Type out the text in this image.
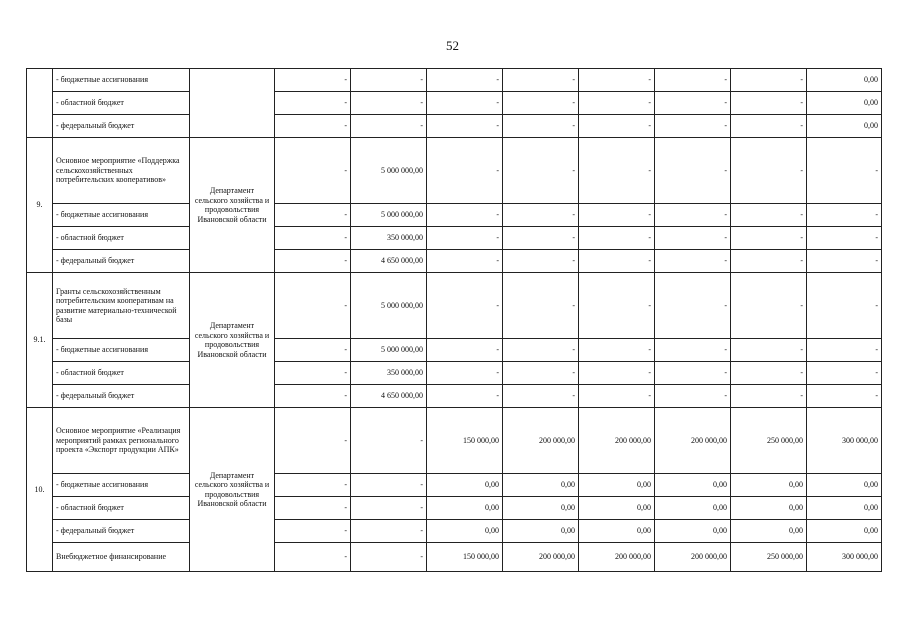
52
	- бюджетные ассигнования		-	-	-	-	-	-	-	0,00
	- областной бюджет		-	-	-	-	-	-	-	0,00
	- федеральный бюджет		-	-	-	-	-	-	-	0,00
9.	Основное мероприятие «Поддержка сельскохозяйственных потребительских кооперативов»	Департамент сельского хозяйства и продовольствия Ивановской области	-	5 000 000,00	-	-	-	-	-	-
	- бюджетные ассигнования		-	5 000 000,00	-	-	-	-	-	-
	- областной бюджет		-	350 000,00	-	-	-	-	-	-
	- федеральный бюджет		-	4 650 000,00	-	-	-	-	-	-
9.1.	Гранты сельскохозяйственным потребительским кооперативам на развитие материально-технической базы	Департамент сельского хозяйства и продовольствия Ивановской области	-	5 000 000,00	-	-	-	-	-	-
	- бюджетные ассигнования		-	5 000 000,00	-	-	-	-	-	-
	- областной бюджет		-	350 000,00	-	-	-	-	-	-
	- федеральный бюджет		-	4 650 000,00	-	-	-	-	-	-
10.	Основное мероприятие «Реализация мероприятий рамках регионального проекта «Экспорт продукции АПК»	Департамент сельского хозяйства и продовольствия Ивановской области	-	-	150 000,00	200 000,00	200 000,00	200 000,00	250 000,00	300 000,00
	- бюджетные ассигнования		-	-	0,00	0,00	0,00	0,00	0,00	0,00
	- областной бюджет		-	-	0,00	0,00	0,00	0,00	0,00	0,00
	- федеральный бюджет		-	-	0,00	0,00	0,00	0,00	0,00	0,00
	Внебюджетное финансирование		-	-	150 000,00	200 000,00	200 000,00	200 000,00	250 000,00	300 000,00
